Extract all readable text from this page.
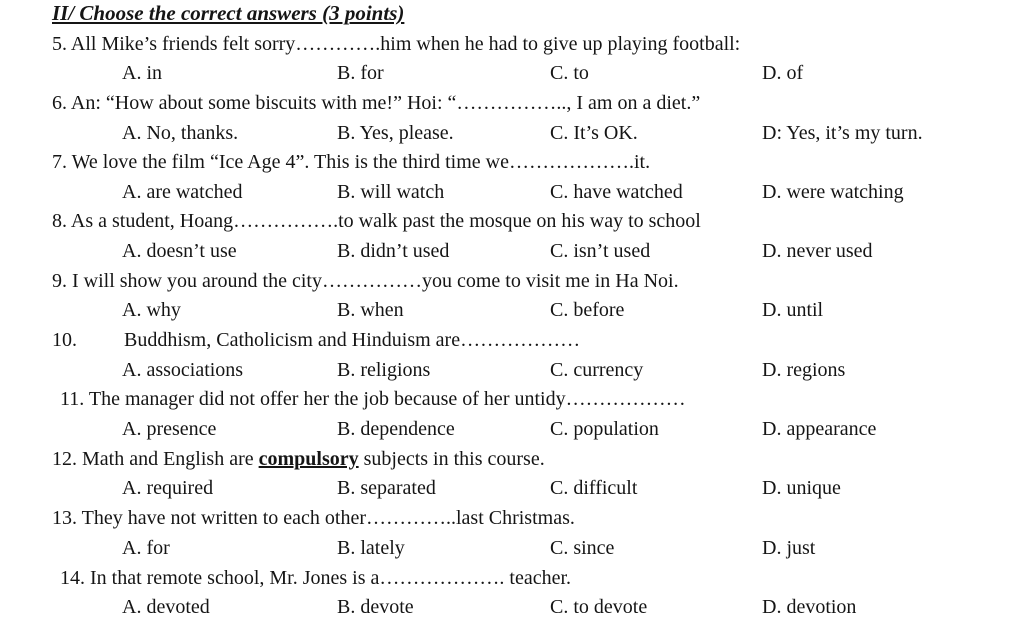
II/ Choose the correct answers (3 points)
5. All Mike’s friends felt sorry………….him when he had to give up playing football:
A. in	B. for	C. to	D. of
6. An: “How about some biscuits with me!” Hoi: “…………….., I am on a diet.”
A. No, thanks.	B. Yes, please.	C. It’s OK.	D: Yes, it’s my turn.
7. We love the film “Ice Age 4”. This is the third time we……………….it.
A. are watched	B. will watch	C. have watched	D. were watching
8. As a student, Hoang…………….to walk past the mosque on his way to school
A. doesn’t use	B. didn’t used	C. isn’t used	D. never used
9. I will show you around the city……………you come to visit me in Ha Noi.
A. why	B. when	C. before	D. until
10. Buddhism, Catholicism and Hinduism are………………
A. associations	B. religions	C. currency	D. regions
11. The manager did not offer her the job because of her untidy………………
A. presence	B. dependence	C. population	D. appearance
12. Math and English are compulsory subjects in this course.
A. required	B. separated	C. difficult	D. unique
13. They have not written to each other…………..last Christmas.
A. for	B. lately	C. since	D. just
14. In that remote school, Mr. Jones is a………………. teacher.
A. devoted	B. devote	C. to devote	D. devotion
